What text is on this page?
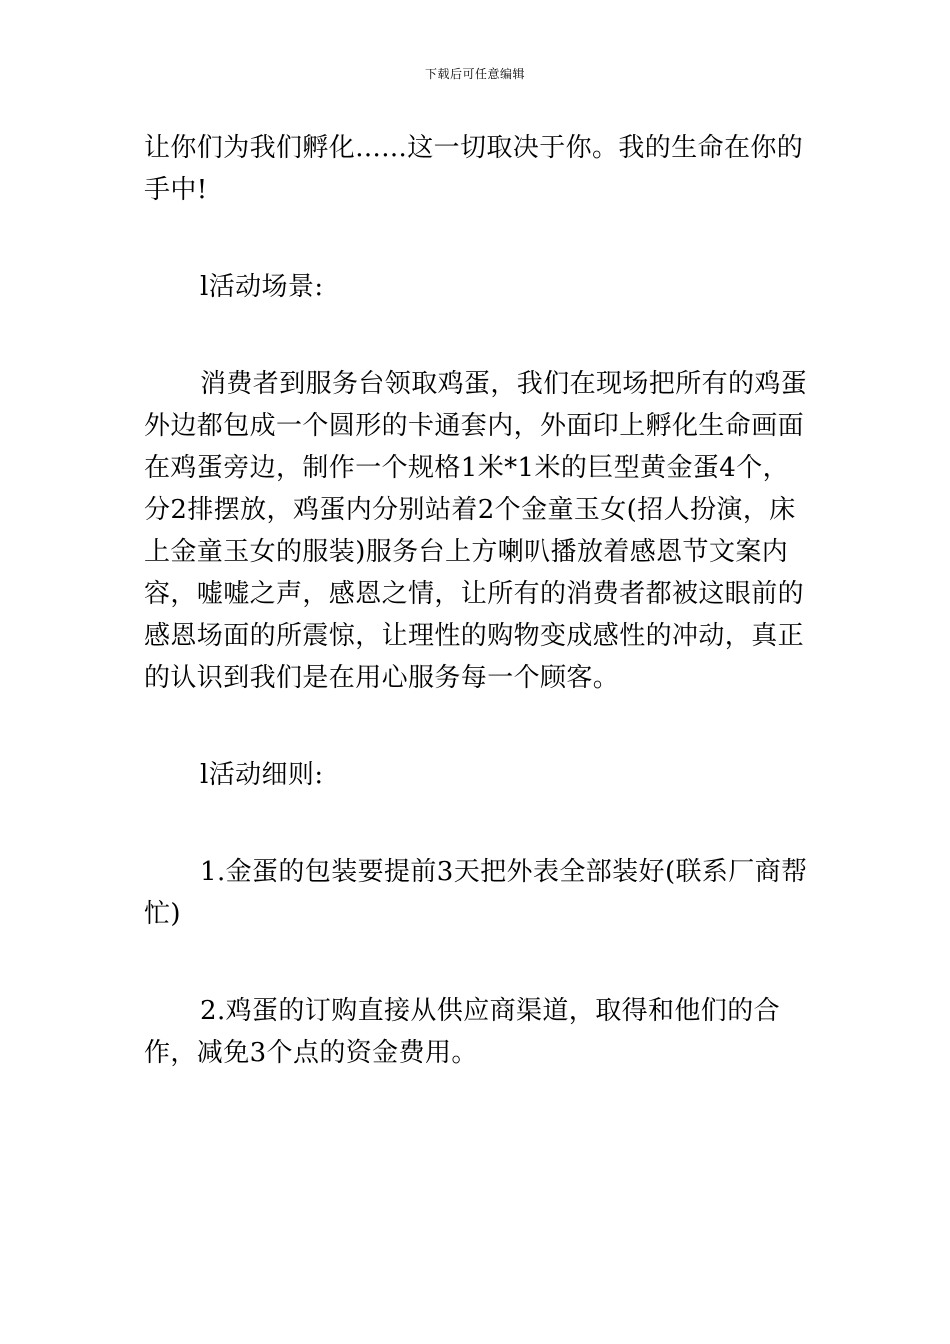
下载后可任意编辑

让你们为我们孵化......这一切取决于你。我的生命在你的手中!

l活动场景:

消费者到服务台领取鸡蛋，我们在现场把所有的鸡蛋外边都包成一个圆形的卡通套内，外面印上孵化生命画面在鸡蛋旁边，制作一个规格1米*1米的巨型黄金蛋4个，分2排摆放，鸡蛋内分别站着2个金童玉女(招人扮演，床上金童玉女的服装)服务台上方喇叭播放着感恩节文案内容，嘘嘘之声，感恩之情，让所有的消费者都被这眼前的感恩场面的所震惊，让理性的购物变成感性的冲动，真正的认识到我们是在用心服务每一个顾客。

l活动细则:

1.金蛋的包装要提前3天把外表全部装好(联系厂商帮忙)

2.鸡蛋的订购直接从供应商渠道，取得和他们的合作，减免3个点的资金费用。
